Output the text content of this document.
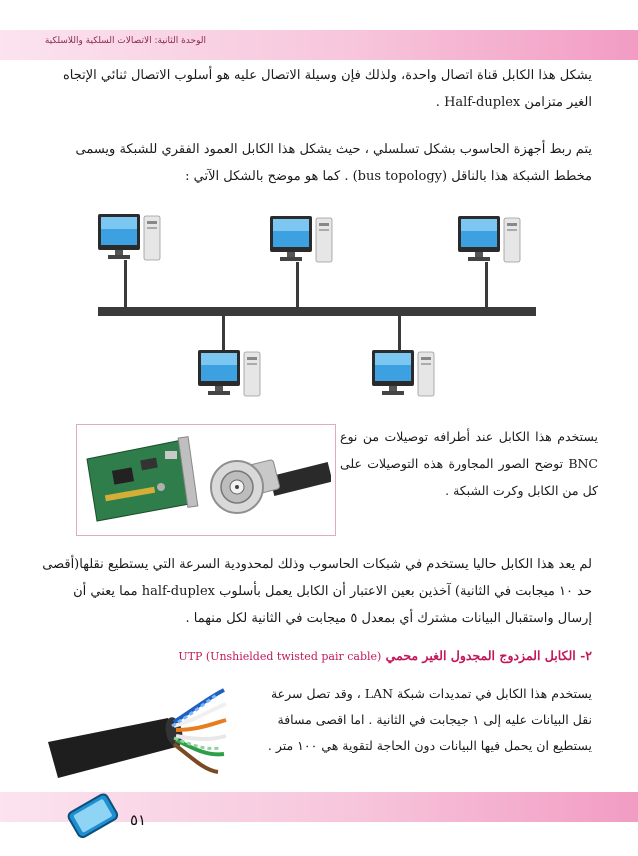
الوحدة الثانية: الاتصالات السلكية واللاسلكية

يشكل هذا الكابل قناة اتصال واحدة، ولذلك فإن وسيلة الاتصال عليه هو أسلوب الاتصال ثنائي الإتجاه الغير متزامن Half-duplex .

يتم ربط أجهزة الحاسوب بشكل تسلسلي ، حيث يشكل هذا الكابل العمود الفقري للشبكة ويسمى مخطط الشبكة هذا بالناقل (bus topology) . كما هو موضح بالشكل الآتي :

يستخدم هذا الكابل عند أطرافه توصيلات من نوع BNC توضح الصور المجاورة هذه التوصيلات على كل من الكابل وكرت الشبكة .

لم يعد هذا الكابل حاليا يستخدم في شبكات الحاسوب وذلك لمحدودية السرعة التي يستطيع نقلها(أقصى حد ١٠ ميجابت في الثانية) آخذين بعين الاعتبار أن الكابل يعمل بأسلوب half-duplex مما يعني أن إرسال واستقبال البيانات مشترك أي بمعدل ٥ ميجابت في الثانية لكل منهما .

٢- الكابل المزدوج المجدول الغير محمي UTP (Unshielded twisted pair cable)

يستخدم هذا الكابل في تمديدات شبكة LAN ، وقد تصل سرعة نقل البيانات عليه إلى ١ جيجابت في الثانية . اما اقصى مسافة يستطيع ان يحمل فيها البيانات دون الحاجة لتقوية هي ١٠٠ متر .

٥١
